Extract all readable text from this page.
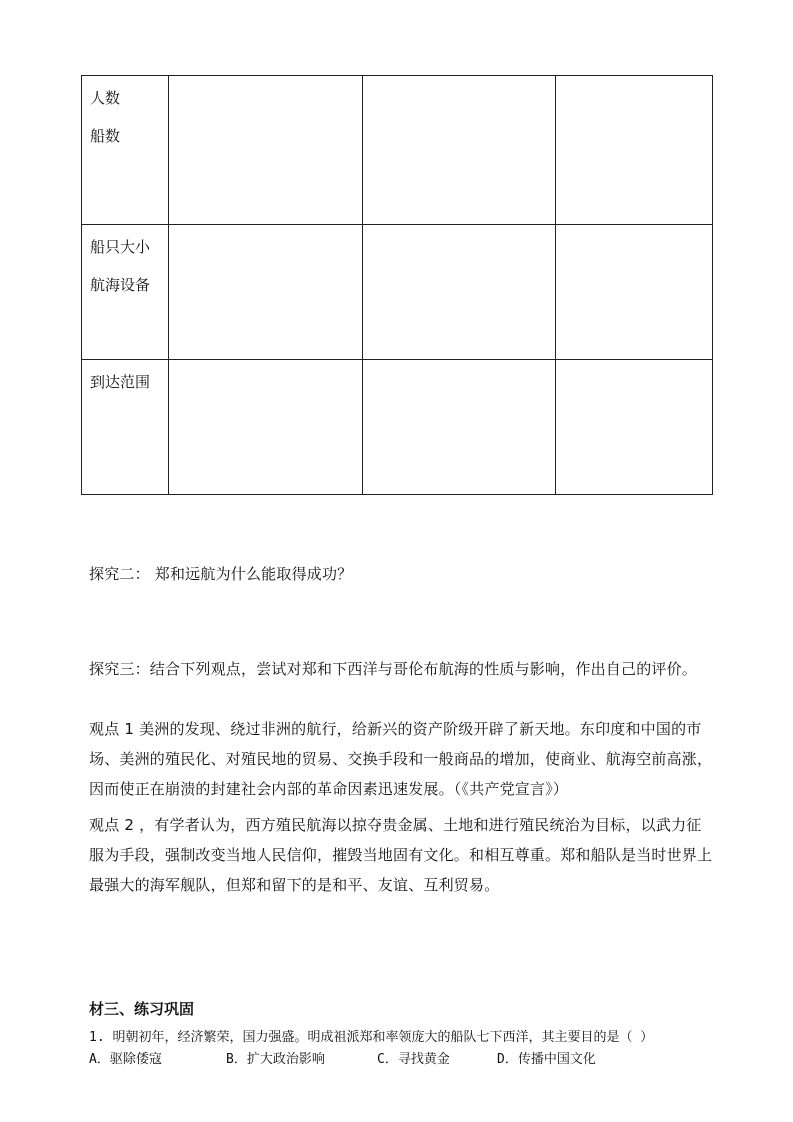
人数
船数			

船只大小
航海设备			

到达范围			

探究二： 郑和远航为什么能取得成功？

探究三：结合下列观点，尝试对郑和下西洋与哥伦布航海的性质与影响，作出自己的评价。

观点 1 美洲的发现、绕过非洲的航行，给新兴的资产阶级开辟了新天地。东印度和中国的市场、美洲的殖民化、对殖民地的贸易、交换手段和一般商品的增加，使商业、航海空前高涨，因而使正在崩溃的封建社会内部的革命因素迅速发展。（《共产党宣言》）

观点 2 ，有学者认为，西方殖民航海以掠夺贵金属、土地和进行殖民统治为目标，以武力征服为手段，强制改变当地人民信仰，摧毁当地固有文化。和相互尊重。郑和船队是当时世界上最强大的海军舰队，但郑和留下的是和平、友谊、互利贸易。

材三、练习巩固

1. 明朝初年，经济繁荣，国力强盛。明成祖派郑和率领庞大的船队七下西洋，其主要目的是（ ）

A．驱除倭寇	B．扩大政治影响	C．寻找黄金	D．传播中国文化
